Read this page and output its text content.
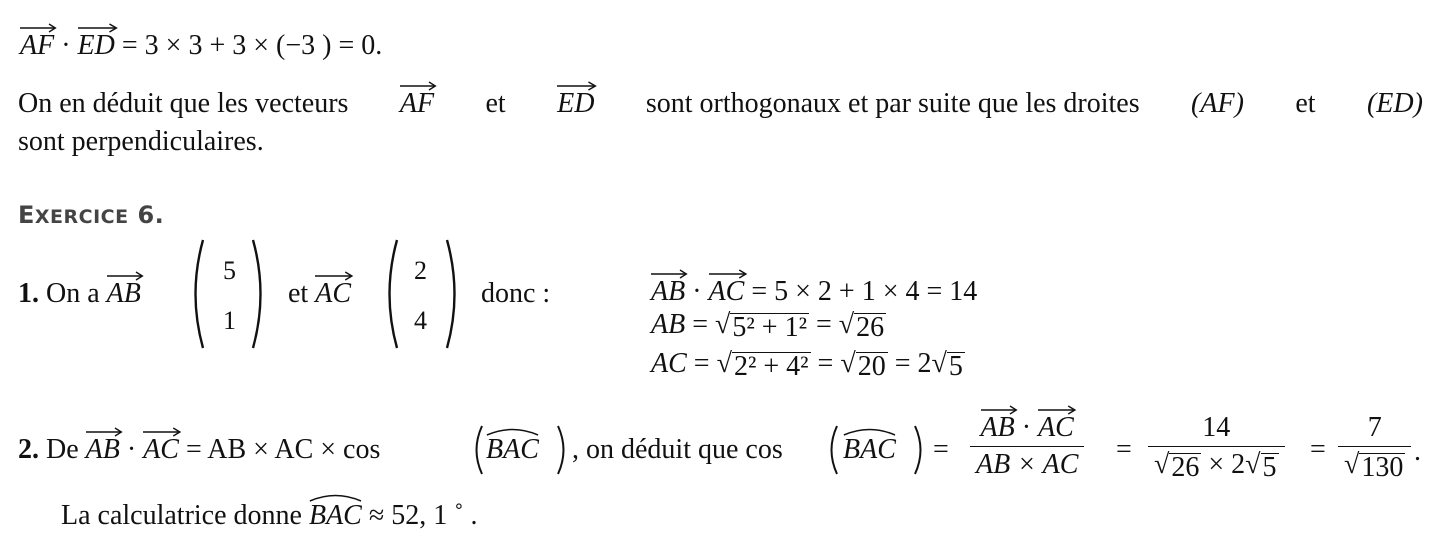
AF · ED = 3 × 3 + 3 × (−3 ) = 0.
On en déduit que les vecteurs AF et ED sont orthogonaux et par suite que les droites (AF) et (ED)
sont perpendiculaires.
EXERCICE 6.
1. On a AB
5
1
et AC
2
4
donc :	AB · AC = 5 × 2 + 1 × 4 = 14
AB = √ 5² + 1² = √ 26
AC = √ 2² + 4² = √ 20 = 2 √ 5
2. De AB · AC = AB × AC × cos	BAC , on déduit que cos BAC = $\frac{AB \cdot AC}{AB \times AC} = \frac{14}{√ 26 \times 2 √ 5} = \frac{7}{√ 130}$ .
La calculatrice donne BAC ≈ 52, 1 ˚ .
